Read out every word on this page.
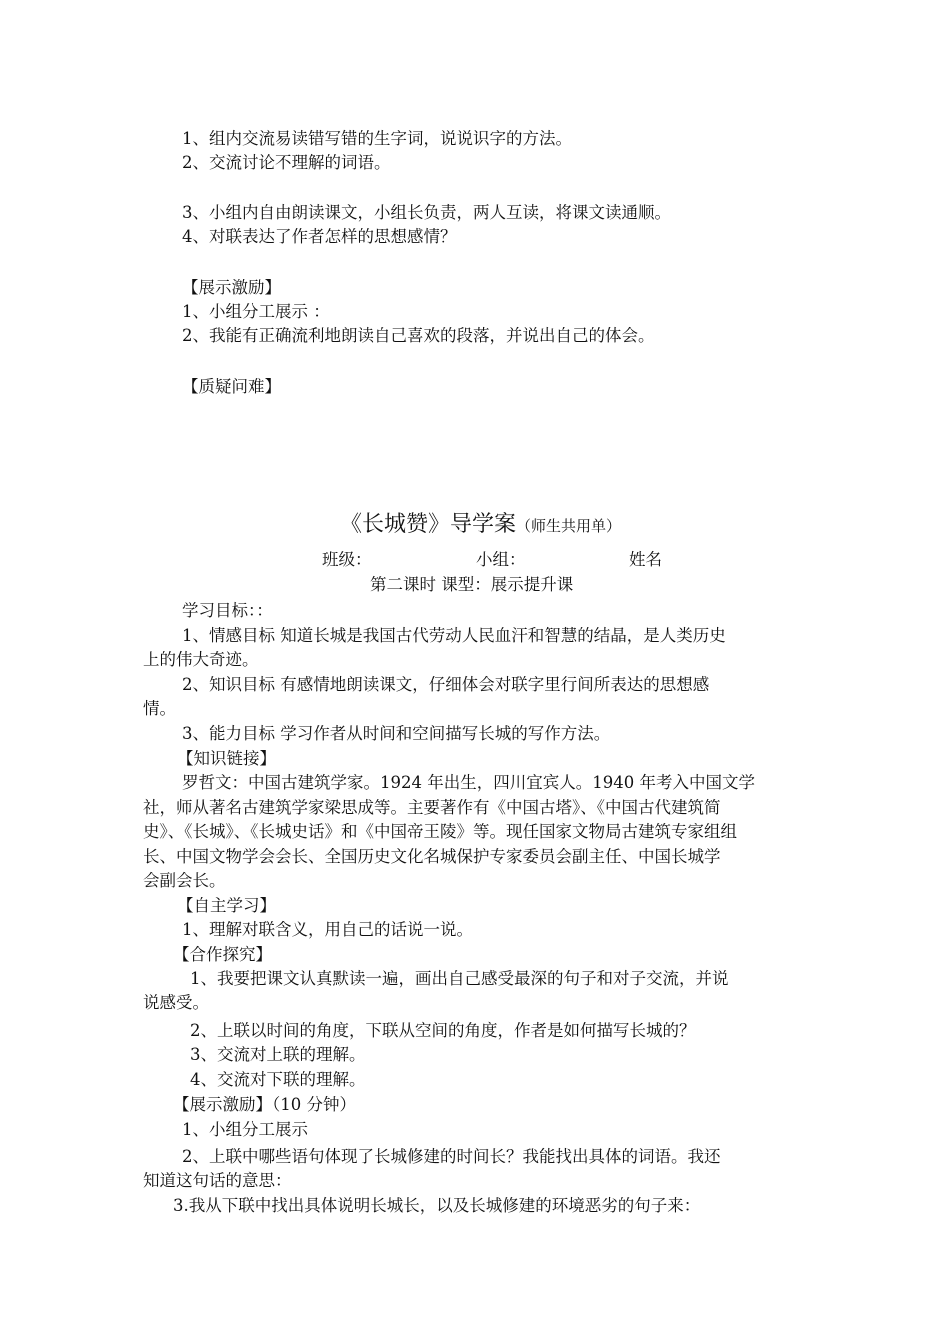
1、组内交流易读错写错的生字词，说说识字的方法。
2、交流讨论不理解的词语。
3、小组内自由朗读课文，小组长负责，两人互读，将课文读通顺。
4、对联表达了作者怎样的思想感情？
【展示激励】
1、小组分工展示 ：
2、我能有正确流利地朗读自己喜欢的段落，并说出自己的体会。
【质疑问难】
《长城赞》导学案（师生共用单）
班级：	小组：	姓名
第二课时 课型：展示提升课
学习目标：：
1、情感目标 知道长城是我国古代劳动人民血汗和智慧的结晶，是人类历史
上的伟大奇迹。
2、知识目标 有感情地朗读课文，仔细体会对联字里行间所表达的思想感
情。
3、能力目标 学习作者从时间和空间描写长城的写作方法。
【知识链接】
罗哲文：中国古建筑学家。1924 年出生，四川宜宾人。1940 年考入中国文学
社，师从著名古建筑学家梁思成等。主要著作有《中国古塔》、《中国古代建筑简
史》、《长城》、《长城史话》和《中国帝王陵》等。现任国家文物局古建筑专家组组
长、中国文物学会会长、全国历史文化名城保护专家委员会副主任、中国长城学
会副会长。
【自主学习】
1、理解对联含义，用自己的话说一说。
【合作探究】
1、我要把课文认真默读一遍，画出自己感受最深的句子和对子交流，并说
说感受。
2、上联以时间的角度，下联从空间的角度，作者是如何描写长城的？
3、交流对上联的理解。
4、交流对下联的理解。
【展示激励】（10 分钟）
1、小组分工展示
2、上联中哪些语句体现了长城修建的时间长？我能找出具体的词语。我还
知道这句话的意思：
3.我从下联中找出具体说明长城长，以及长城修建的环境恶劣的句子来：
